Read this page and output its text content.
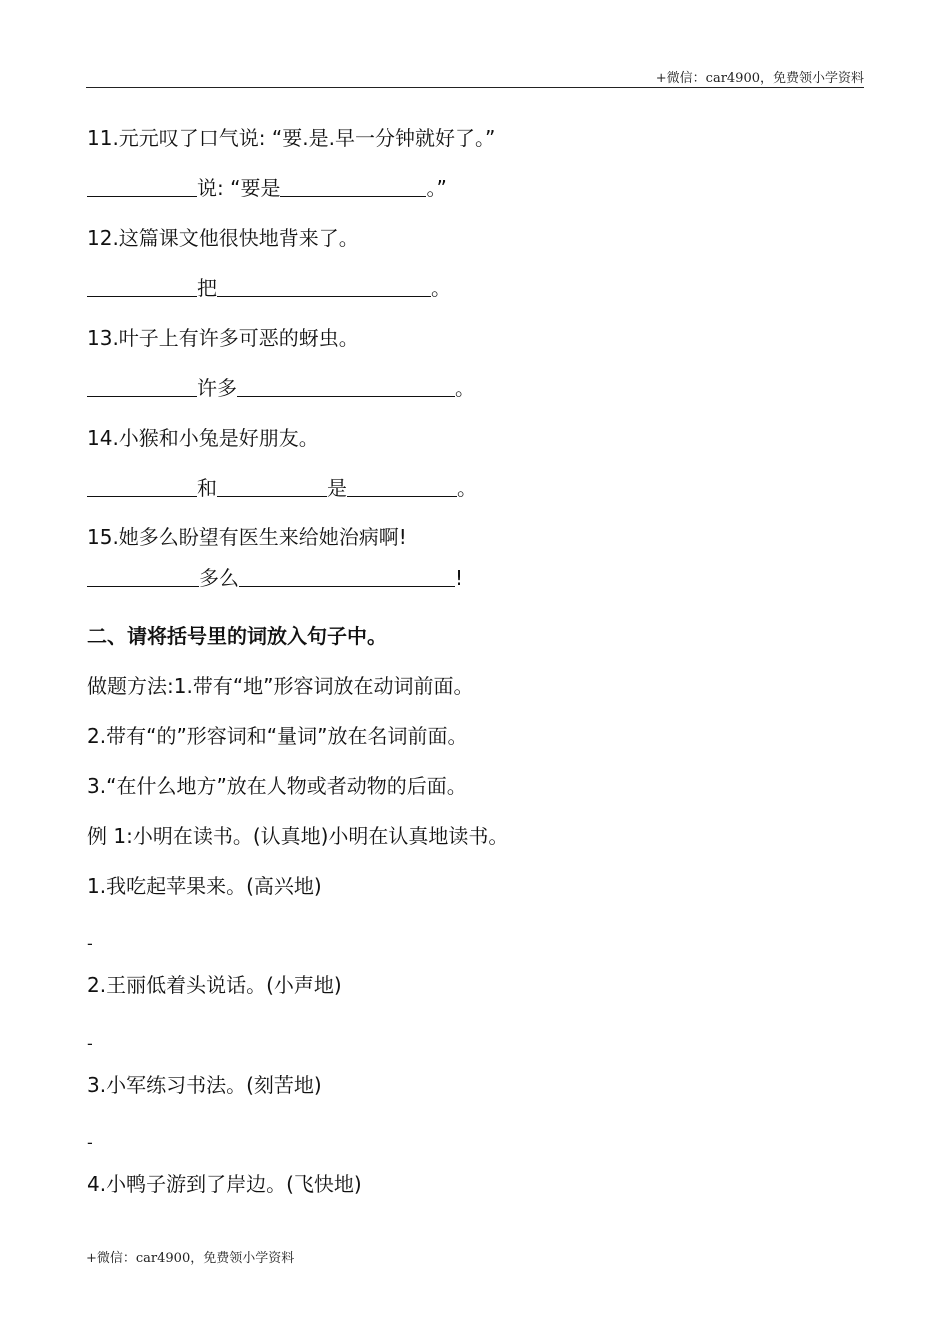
+微信：car4900，免费领小学资料
11.元元叹了口气说: “要.是.早一分钟就好了。”
说: “要是	。”
12.这篇课文他很快地背来了。
把	。
13.叶子上有许多可恶的蚜虫。
许多	。
14.小猴和小兔是好朋友。
和	是	。
15.她多么盼望有医生来给她治病啊!
多么	!
二、请将括号里的词放入句子中。
做题方法:1.带有“地”形容词放在动词前面。
2.带有“的”形容词和“量词”放在名词前面。
3.“在什么地方”放在人物或者动物的后面。
例 1:小明在读书。(认真地)小明在认真地读书。
1.我吃起苹果来。(高兴地)
-
2.王丽低着头说话。(小声地)
-
3.小军练习书法。(刻苦地)
-
4.小鸭子游到了岸边。(飞快地)
+微信：car4900，免费领小学资料
